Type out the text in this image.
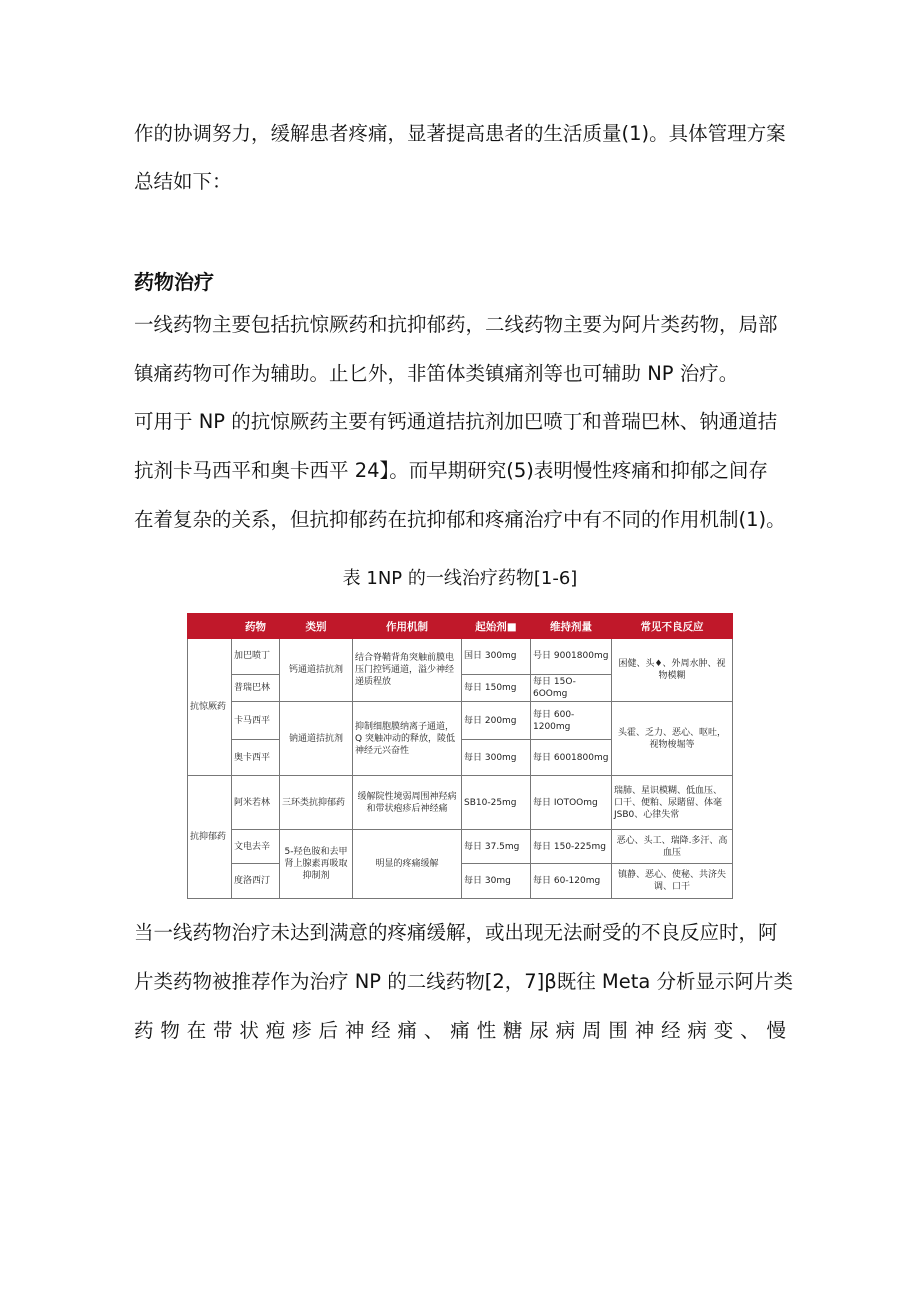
作的协调努力，缓解患者疼痛，显著提高患者的生活质量(1)。具体管理方案
总结如下：
药物治疗
一线药物主要包括抗惊厥药和抗抑郁药，二线药物主要为阿片类药物，局部
镇痛药物可作为辅助。止匕外，非笛体类镇痛剂等也可辅助 NP 治疗。
可用于 NP 的抗惊厥药主要有钙通道拮抗剂加巴喷丁和普瑞巴林、钠通道拮
抗剂卡马西平和奥卡西平 24】。而早期研究(5)表明慢性疼痛和抑郁之间存
在着复杂的关系，但抗抑郁药在抗抑郁和疼痛治疗中有不同的作用机制(1)。
表 1NP 的一线治疗药物[1-6]
	药物	类别	作用机制	起始剂■	维持剂量	常见不良反应
抗惊厥药	加巴喷丁	钙通道拮抗剂	结合脊鞘背角突触前膜电压门控钙通道，溢少神经递质程放	国日 300mg	号日 9001800mg	困健、头♦、外周水肿、视物模糊
	普瑞巴林			每日 150mg	每日 15O-6OOmg	
	卡马西平	钠通道拮抗剂	抑制细胞膜纳离子通道，Q 突触冲动的释放，陵低神经元兴奋性	每日 200mg	每日 600-1200mg	头霍、乏力、恶心、呕吐，视物梭堀等
	奥卡西平			每日 300mg	每日 6001800mg	
抗抑郁药	阿米若林	三环类抗抑郁药	缓解院性境弱周围神羟病和带状疱疹后神经痛	SB10-25mg	每日 IOTOOmg	瑞肺、星识模糊、低血压、口干、便粕、尿賭留、体毫JSB0、心律失常
	文电去辛	5-羟色胺和去甲肾上腺素再吸取抑制剂	明显的疼痛缓解	每日 37.5mg	每日 150-225mg	恶心、头工、瑞降.多汗、高血压
	度洛西汀			每日 30mg	每日 60-120mg	镇静、恶心、使秘、共济失调、口干
当一线药物治疗未达到满意的疼痛缓解，或出现无法耐受的不良反应时，阿
片类药物被推荐作为治疗 NP 的二线药物[2，7]β既往 Meta 分析显示阿片类
药物在带状疱疹后神经痛、痛性糖尿病周围神经病变、慢
